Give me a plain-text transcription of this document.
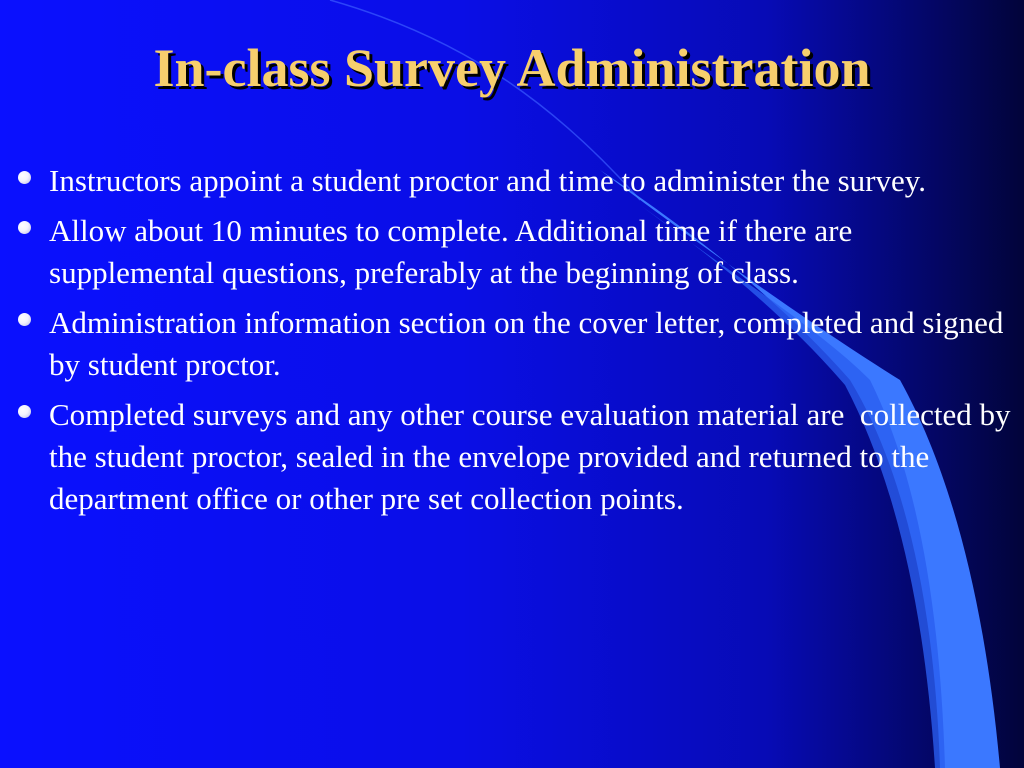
In-class Survey Administration
Instructors appoint a student proctor and time to administer the survey.
Allow about 10 minutes to complete. Additional time if there are supplemental questions, preferably at the beginning of class.
Administration information section on the cover letter, completed and signed by student proctor.
Completed surveys and any other course evaluation material are  collected by the student proctor, sealed in the envelope provided and returned to the department office or other pre set collection points.
